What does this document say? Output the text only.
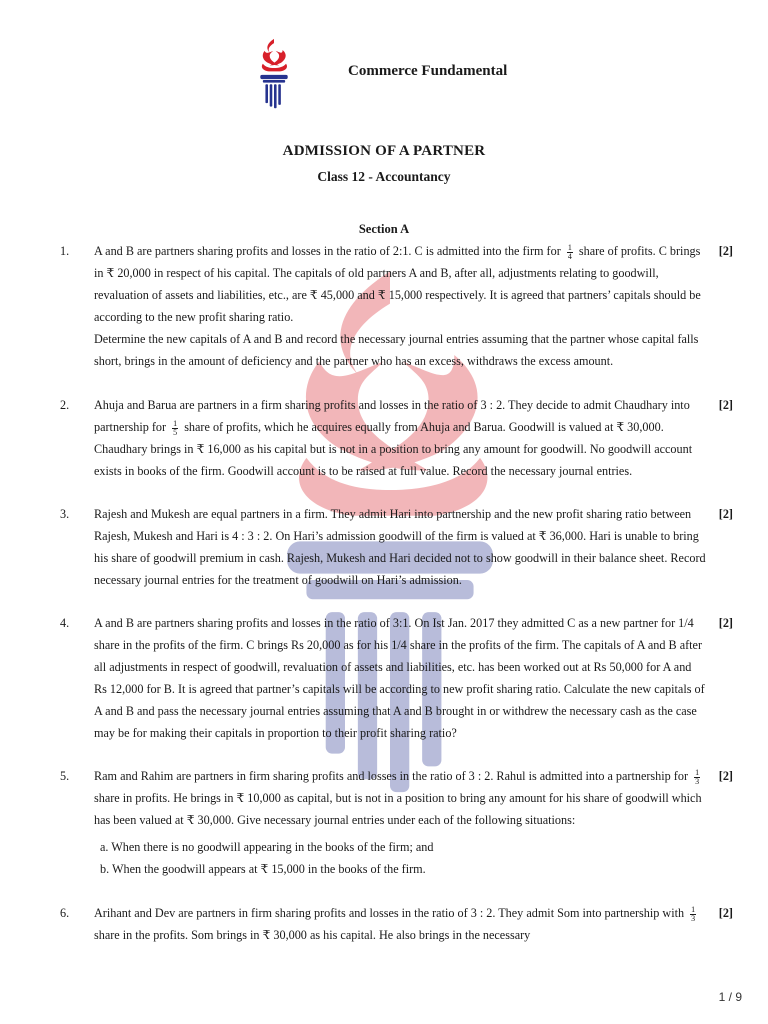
Commerce Fundamental
ADMISSION OF A PARTNER
Class 12 - Accountancy
Section A
1. A and B are partners sharing profits and losses in the ratio of 2:1. C is admitted into the firm for $\frac{1}{4}$ share of profits. C brings in ₹ 20,000 in respect of his capital. The capitals of old partners A and B, after all, adjustments relating to goodwill, revaluation of assets and liabilities, etc., are ₹ 45,000 and ₹ 15,000 respectively. It is agreed that partners’ capitals should be according to the new profit sharing ratio.
Determine the new capitals of A and B and record the necessary journal entries assuming that the partner whose capital falls short, brings in the amount of deficiency and the partner who has an excess, withdraws the excess amount.
[2]
2. Ahuja and Barua are partners in a firm sharing profits and losses in the ratio of 3 : 2. They decide to admit Chaudhary into partnership for $\frac{1}{5}$ share of profits, which he acquires equally from Ahuja and Barua. Goodwill is valued at ₹ 30,000. Chaudhary brings in ₹ 16,000 as his capital but is not in a position to bring any amount for goodwill. No goodwill account exists in books of the firm. Goodwill account is to be raised at full value. Record the necessary journal entries.
[2]
3. Rajesh and Mukesh are equal partners in a firm. They admit Hari into partnership and the new profit sharing ratio between Rajesh, Mukesh and Hari is 4 : 3 : 2. On Hari’s admission goodwill of the firm is valued at ₹ 36,000. Hari is unable to bring his share of goodwill premium in cash. Rajesh, Mukesh and Hari decided not to show goodwill in their balance sheet. Record necessary journal entries for the treatment of goodwill on Hari’s admission.
[2]
4. A and B are partners sharing profits and losses in the ratio of 3:1. On Ist Jan. 2017 they admitted C as a new partner for 1/4 share in the profits of the firm. C brings Rs 20,000 as for his 1/4 share in the profits of the firm. The capitals of A and B after all adjustments in respect of goodwill, revaluation of assets and liabilities, etc. has been worked out at Rs 50,000 for A and Rs 12,000 for B. It is agreed that partner’s capitals will be according to new profit sharing ratio. Calculate the new capitals of A and B and pass the necessary journal entries assuming that A and B brought in or withdrew the necessary cash as the case may be for making their capitals in proportion to their profit sharing ratio?
[2]
5. Ram and Rahim are partners in firm sharing profits and losses in the ratio of 3 : 2. Rahul is admitted into a partnership for $\frac{1}{3}$
share in profits. He brings in ₹ 10,000 as capital, but is not in a position to bring any amount for his share of goodwill which has been valued at ₹ 30,000. Give necessary journal entries under each of the following situations:
a. When there is no goodwill appearing in the books of the firm; and
b. When the goodwill appears at ₹ 15,000 in the books of the firm.
[2]
6. Arihant and Dev are partners in firm sharing profits and losses in the ratio of 3 : 2. They admit Som into partnership with $\frac{1}{3}$
share in the profits. Som brings in ₹ 30,000 as his capital. He also brings in the necessary
[2]
1 / 9
